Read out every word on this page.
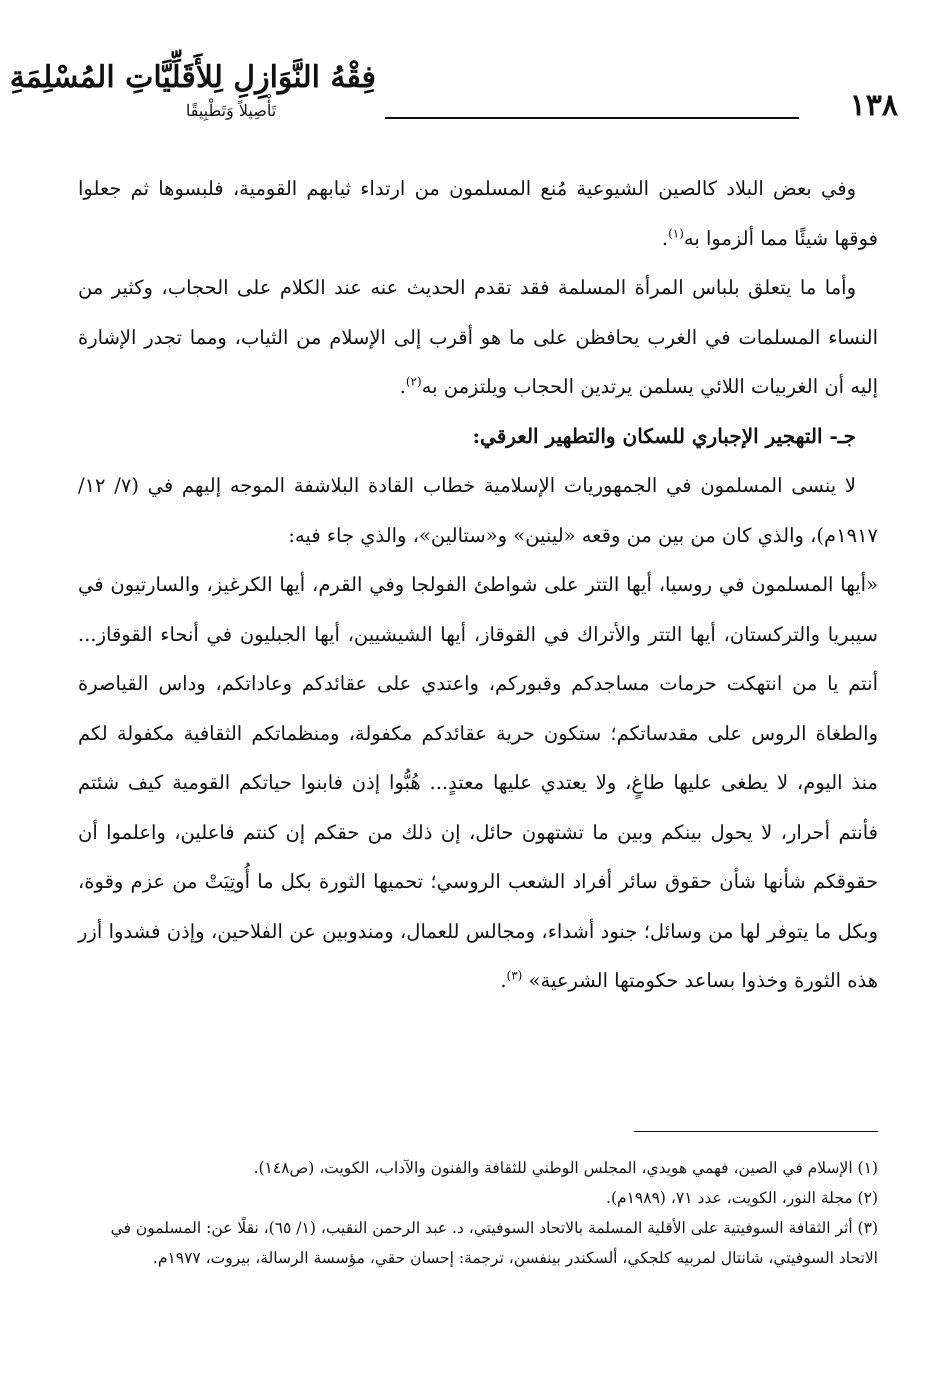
١٣٨
فِقْهُ النَّوَازِلِ لِلأَقَلِّيَّاتِ المُسْلِمَةِ
تَأْصِيلاً وَتَطْبِيقًا

وفي بعض البلاد كالصين الشيوعية مُنع المسلمون من ارتداء ثيابهم القومية، فلبسوها ثم جعلوا فوقها شيئًا مما ألزموا به$^{(١)}$.

وأما ما يتعلق بلباس المرأة المسلمة فقد تقدم الحديث عنه عند الكلام على الحجاب، وكثير من النساء المسلمات في الغرب يحافظن على ما هو أقرب إلى الإسلام من الثياب، ومما تجدر الإشارة إليه أن الغربيات اللائي يسلمن يرتدين الحجاب ويلتزمن به$^{(٢)}$.

جـ- التهجير الإجباري للسكان والتطهير العرقي:

لا ينسى المسلمون في الجمهوريات الإسلامية خطاب القادة البلاشفة الموجه إليهم في (٧/ ١٢/ ١٩١٧م)، والذي كان من بين من وقعه «لينين» و«ستالين»، والذي جاء فيه:

«أيها المسلمون في روسيا، أيها التتر على شواطئ الفولجا وفي القرم، أيها الكرغيز، والسارتيون في سيبريا والتركستان، أيها التتر والأتراك في القوقاز، أيها الشيشيين، أيها الجبليون في أنحاء القوقاز... أنتم يا من انتهكت حرمات مساجدكم وقبوركم، واعتدي على عقائدكم وعاداتكم، وداس القياصرة والطغاة الروس على مقدساتكم؛ ستكون حرية عقائدكم مكفولة، ومنظماتكم الثقافية مكفولة لكم منذ اليوم، لا يطغى عليها طاغٍ، ولا يعتدي عليها معتدٍ... هُبُّوا إذن فابنوا حياتكم القومية كيف شئتم فأنتم أحرار، لا يحول بينكم وبين ما تشتهون حائل، إن ذلك من حقكم إن كنتم فاعلين، واعلموا أن حقوقكم شأنها شأن حقوق سائر أفراد الشعب الروسي؛ تحميها الثورة بكل ما أُوتِيَتْ من عزم وقوة، وبكل ما يتوفر لها من وسائل؛ جنود أشداء، ومجالس للعمال، ومندوبين عن الفلاحين، وإذن فشدوا أزر هذه الثورة وخذوا بساعد حكومتها الشرعية» $^{(٣)}$.

(١) الإسلام في الصين، فهمي هويدي، المجلس الوطني للثقافة والفنون والآداب، الكويت، (ص١٤٨).

(٢) مجلة النور، الكويت، عدد ٧١، (١٩٨٩م).

(٣) أثر الثقافة السوفيتية على الأقلية المسلمة بالاتحاد السوفيتي، د. عبد الرحمن النقيب، (١/ ٦٥)، نقلًا عن: المسلمون في الاتحاد السوفيتي، شانتال لمربيه كلجكي، ألسكندر بينفسن، ترجمة: إحسان حقي، مؤسسة الرسالة، بيروت، ١٩٧٧م.
